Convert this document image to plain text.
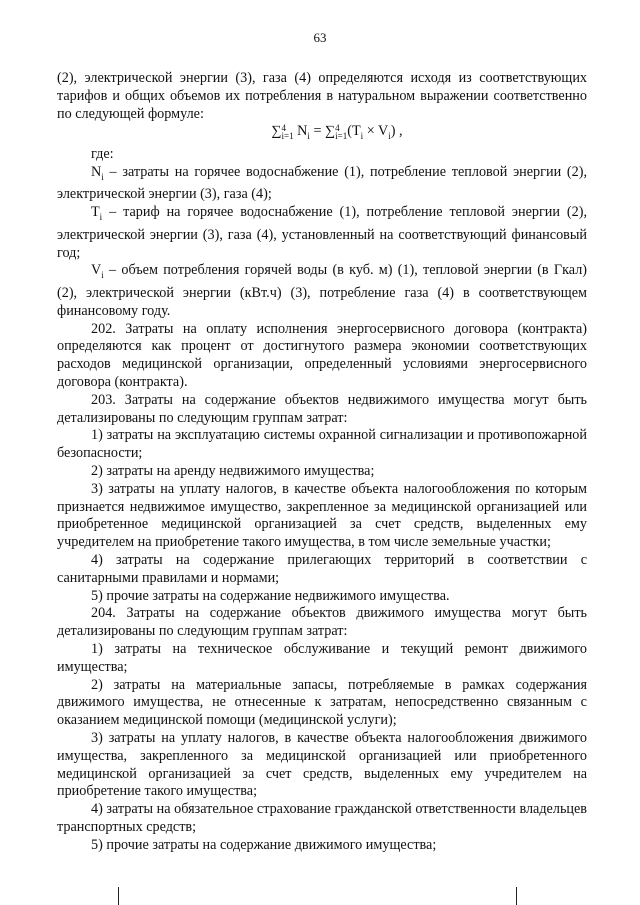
63

(2), электрической энергии (3), газа (4) определяются исходя из соответствующих тарифов и общих объемов их потребления в натуральном выражении соответственно по следующей формуле:

∑4
i=1 $N_i = \sum 4$
$i=1(T_i \times V_i)$ ,

где:

$N_i$ – затраты на горячее водоснабжение (1), потребление тепловой энергии (2), электрической энергии (3), газа (4);

$T_i$ – тариф на горячее водоснабжение (1), потребление тепловой энергии (2), электрической энергии (3), газа (4), установленный на соответствующий финансовый год;

$V_i$ – объем потребления горячей воды (в куб. м) (1), тепловой энергии (в Гкал) (2), электрической энергии (кВт.ч) (3), потребление газа (4) в соответствующем финансовому году.

202. Затраты на оплату исполнения энергосервисного договора (контракта) определяются как процент от достигнутого размера экономии соответствующих расходов медицинской организации, определенный условиями энергосервисного договора (контракта).

203. Затраты на содержание объектов недвижимого имущества могут быть детализированы по следующим группам затрат:

1) затраты на эксплуатацию системы охранной сигнализации и противопожарной безопасности;

2) затраты на аренду недвижимого имущества;

3) затраты на уплату налогов, в качестве объекта налогообложения по которым признается недвижимое имущество, закрепленное за медицинской организацией или приобретенное медицинской организацией за счет средств, выделенных ему учредителем на приобретение такого имущества, в том числе земельные участки;

4) затраты на содержание прилегающих территорий в соответствии с санитарными правилами и нормами;

5) прочие затраты на содержание недвижимого имущества.

204. Затраты на содержание объектов движимого имущества могут быть детализированы по следующим группам затрат:

1) затраты на техническое обслуживание и текущий ремонт движимого имущества;

2) затраты на материальные запасы, потребляемые в рамках содержания движимого имущества, не отнесенные к затратам, непосредственно связанным с оказанием медицинской помощи (медицинской услуги);

3) затраты на уплату налогов, в качестве объекта налогообложения движимого имущества, закрепленного за медицинской организацией или приобретенного медицинской организацией за счет средств, выделенных ему учредителем на приобретение такого имущества;

4) затраты на обязательное страхование гражданской ответственности владельцев транспортных средств;

5) прочие затраты на содержание движимого имущества;
